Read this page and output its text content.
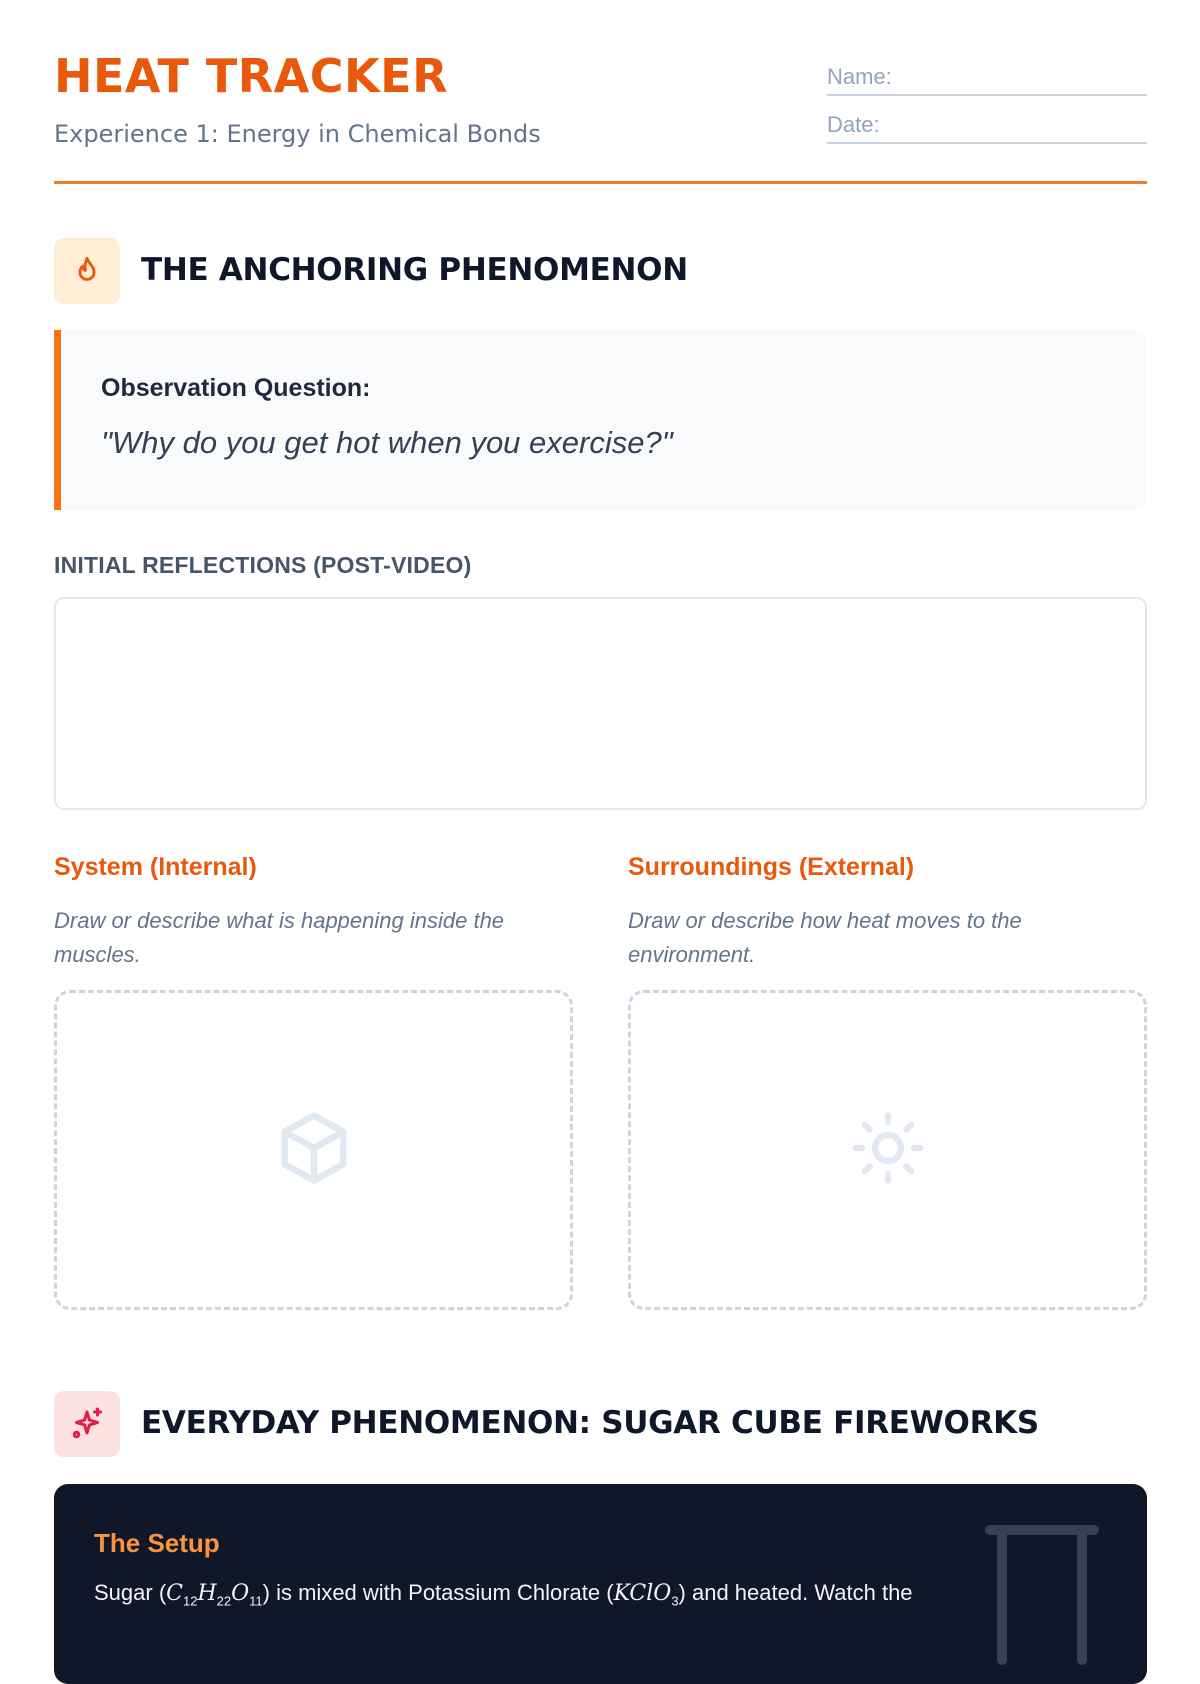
HEAT TRACKER
Experience 1: Energy in Chemical Bonds
Name:
Date:
THE ANCHORING PHENOMENON
Observation Question:
"Why do you get hot when you exercise?"
INITIAL REFLECTIONS (POST-VIDEO)
System (Internal)
Draw or describe what is happening inside the muscles.
Surroundings (External)
Draw or describe how heat moves to the environment.
EVERYDAY PHENOMENON: SUGAR CUBE FIREWORKS
The Setup
Sugar $(C_{12}H_{22}O_{11})$ is mixed with Potassium Chlorate (KClO$_3$) and heated. Watch the
